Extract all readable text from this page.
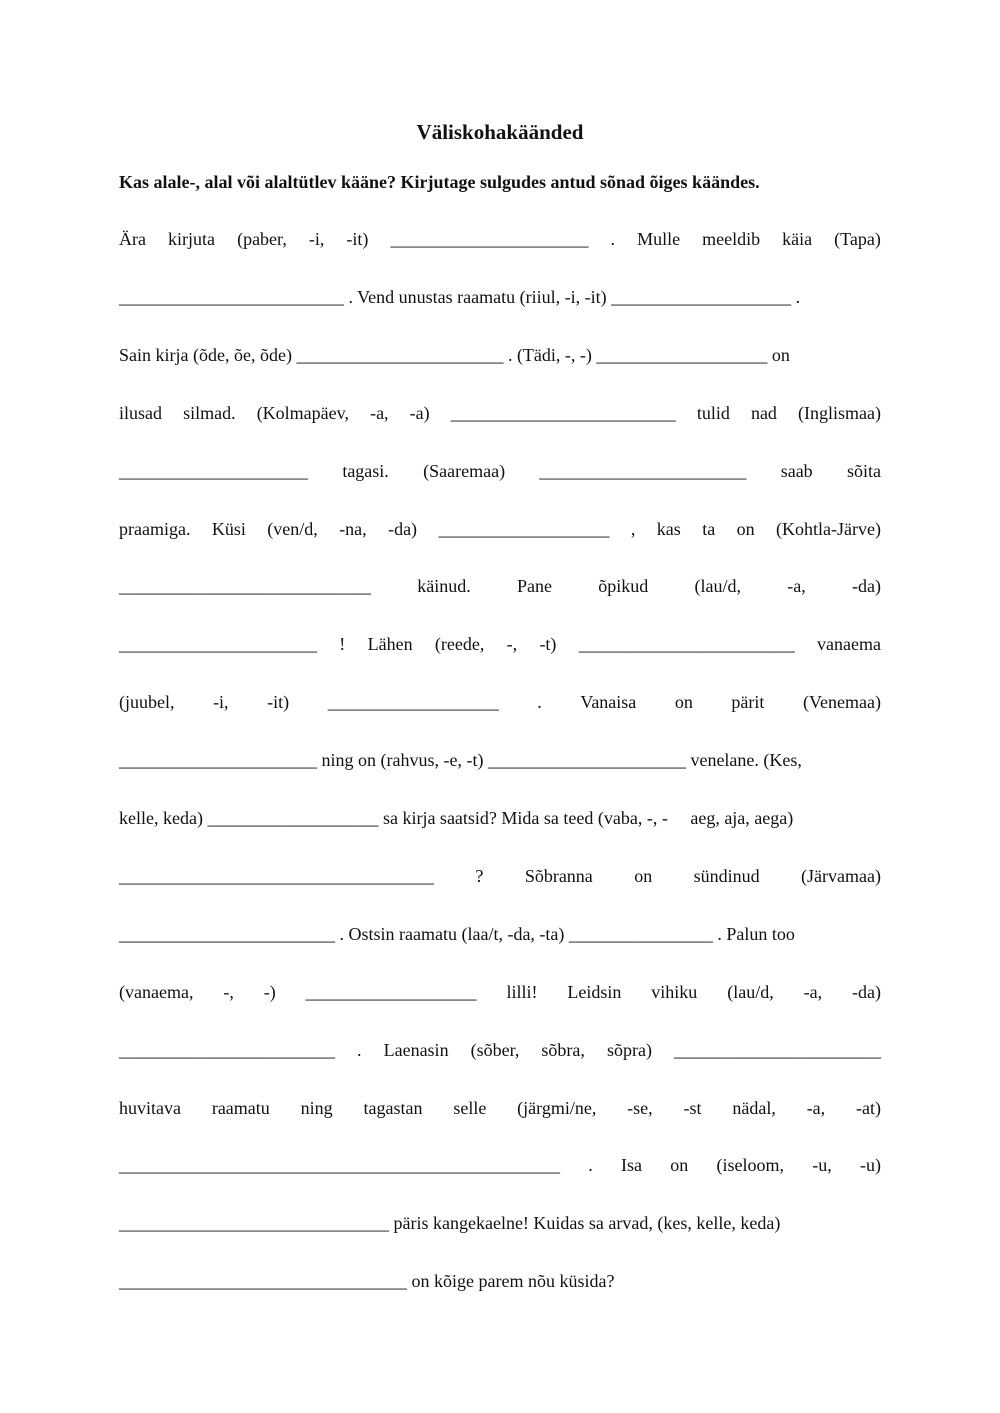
Väliskohakäänded
Kas alale-, alal või alaltütlev kääne? Kirjutage sulgudes antud sõnad õiges käändes.
Ära kirjuta (paber, -i, -it) ______________________ . Mulle meeldib käia (Tapa)
_________________________ . Vend unustas raamatu (riiul, -i, -it) ____________________ .
Sain kirja (õde, õe, õde) _______________________ . (Tädi, -, -) ___________________ on
ilusad silmad. (Kolmapäev, -a, -a) _________________________ tulid nad (Inglismaa)
_____________________ tagasi. (Saaremaa) _______________________ saab sõita
praamiga. Küsi (ven/d, -na, -da) ___________________ , kas ta on (Kohtla-Järve)
____________________________	käinud.	Pane	õpikud	(lau/d,	-a,	-da)
______________________ ! Lähen (reede, -, -t) ________________________ vanaema
(juubel, -i, -it) ___________________ . Vanaisa on pärit (Venemaa)
______________________ ning on (rahvus, -e, -t) ______________________ venelane. (Kes,
kelle, keda) ___________________ sa kirja saatsid? Mida sa teed (vaba, -, -     aeg, aja, aega)
___________________________________ ? Sõbranna on sündinud (Järvamaa)
________________________ . Ostsin raamatu (laa/t, -da, -ta) ________________ . Palun too
(vanaema, -, -) ___________________ lilli! Leidsin vihiku (lau/d, -a, -da)
________________________ . Laenasin (sõber, sõbra, sõpra) _______________________
huvitava raamatu ning tagastan selle (järgmi/ne, -se, -st nädal, -a, -at)
_________________________________________________ . Isa on (iseloom, -u, -u)
______________________________ päris kangekaelne! Kuidas sa arvad, (kes, kelle, keda)
________________________________ on kõige parem nõu küsida?
